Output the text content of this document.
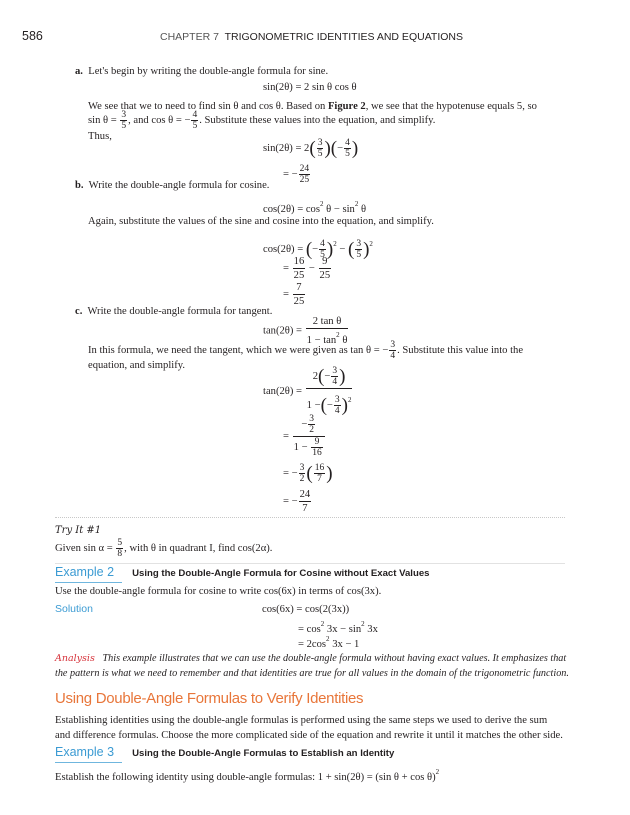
586	CHAPTER 7 TRIGONOMETRIC IDENTITIES AND EQUATIONS
a. Let's begin by writing the double-angle formula for sine.
sin(2θ) = 2 sin θ cos θ
We see that we to need to find sin θ and cos θ. Based on Figure 2, we see that the hypotenuse equals 5, so
$\sin \theta = \frac{3}{5}$ , and cos θ = − $\frac{4}{5}$ . Substitute these values into the equation, and simplify.
Thus,
$\sin(2\theta) = 2( \frac{3}{5}$ )(− $\frac{4}{5}$ )
= − $\frac{24}{25}$
b. Write the double-angle formula for cosine.
$\cos(2\theta) = \cos^2 \theta - \sin^2 \theta$
Again, substitute the values of the sine and cosine into the equation, and simplify.
cos(2θ) = (− $\frac{4}{5} )^2$ − ( $\frac{3}{5} )^2$
= $\frac{16}{25} - \frac{9}{25}$
= $\frac{7}{25}$
c. Write the double-angle formula for tangent.
$\tan(2\theta) = \frac{\text{2 tan θ}}{1 - \tan^2 \theta}$
In this formula, we need the tangent, which we were given as tan θ = − $\frac{3}{4}$ . Substitute this value into the
equation, and simplify.
$\tan(2\theta) = \frac{2(- \frac{3}{4} )}{1 -(- \frac{3}{4} )^2}$
= $\frac{- \frac{3}{2}}{1 - \frac{9}{16}}$
= − $\frac{3}{2}$ ( $\frac{16}{7}$ )
= − $\frac{24}{7}$
Try It #1
Given $\sin \alpha = \frac{5}{8}$ , with θ in quadrant I, find cos(2α).
Example 2 Using the Double-Angle Formula for Cosine without Exact Values
Use the double-angle formula for cosine to write cos(6x) in terms of cos(3x).
Solution	cos(6x) = cos(2(3x))
= $\cos^2 3x - \sin^2 3x$
= $2\cos^2$ 3x − 1
Analysis This example illustrates that we can use the double-angle formula without having exact values. It emphasizes that
the pattern is what we need to remember and that identities are true for all values in the domain of the trigonometric function.
Using Double-Angle Formulas to Verify Identities
Establishing identities using the double-angle formulas is performed using the same steps we used to derive the sum
and difference formulas. Choose the more complicated side of the equation and rewrite it until it matches the other side.
Example 3 Using the Double-Angle Formulas to Establish an Identity
Establish the following identity using double-angle formulas: 1 + sin(2θ) = (sin θ + cos θ)$^2$
